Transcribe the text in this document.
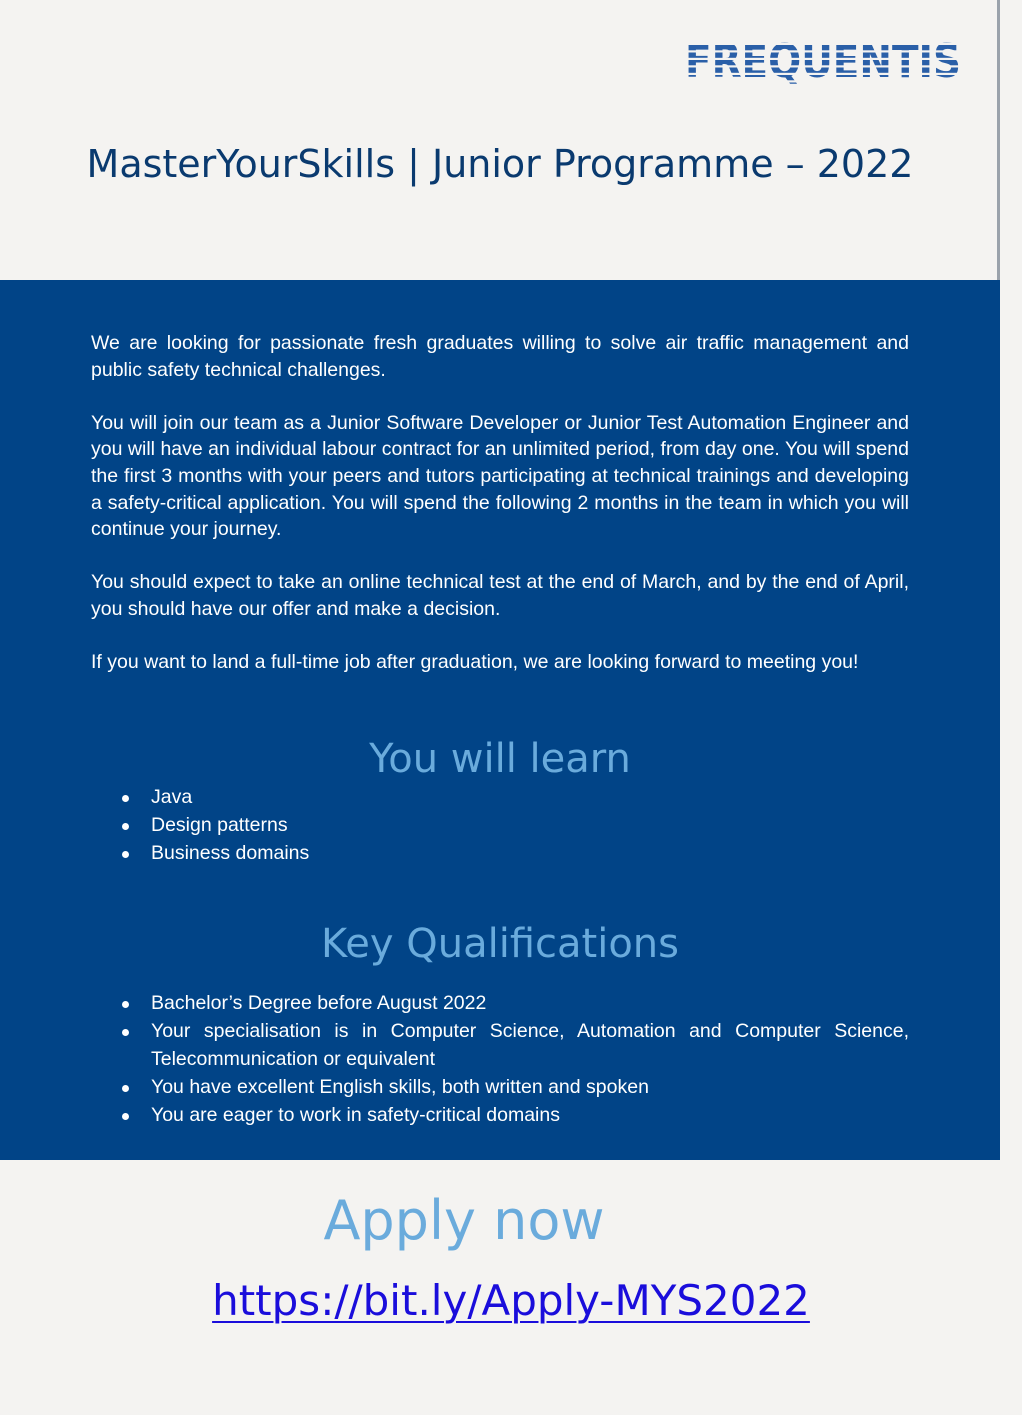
FREQUENTIS
MasterYourSkills | Junior Programme – 2022

We are looking for passionate fresh graduates willing to solve air traffic management and public safety technical challenges.

You will join our team as a Junior Software Developer or Junior Test Automation Engineer and you will have an individual labour contract for an unlimited period, from day one. You will spend the first 3 months with your peers and tutors participating at technical trainings and developing a safety-critical application. You will spend the following 2 months in the team in which you will continue your journey.

You should expect to take an online technical test at the end of March, and by the end of April, you should have our offer and make a decision.

If you want to land a full-time job after graduation, we are looking forward to meeting you!

You will learn
Java
Design patterns
Business domains
Key Qualifications
Bachelor’s Degree before August 2022
Your specialisation is in Computer Science, Automation and Computer Science, Telecommunication or equivalent
You have excellent English skills, both written and spoken
You are eager to work in safety-critical domains
Apply now
https://bit.ly/Apply-MYS2022
